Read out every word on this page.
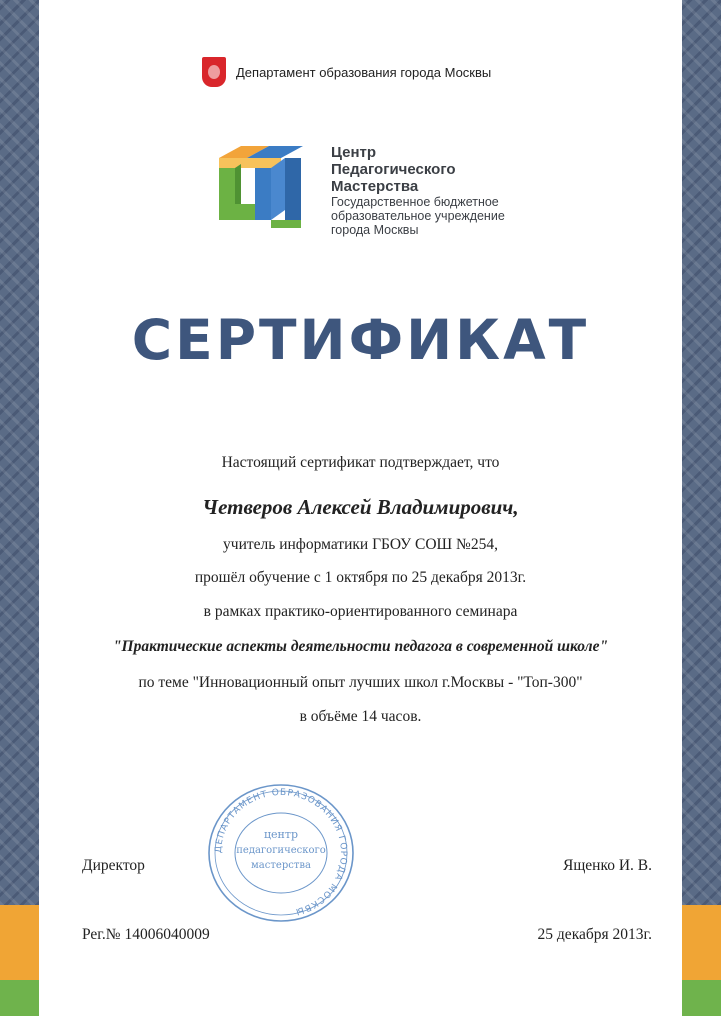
Департамент образования города Москвы
Центр
Педагогического
Мастерства
Государственное бюджетное
образовательное учреждение
города Москвы
СЕРТИФИКАТ
Настоящий сертификат подтверждает, что
Четверов Алексей Владимирович,
учитель информатики ГБОУ СОШ №254,
прошёл обучение с 1 октября по 25 декабря 2013г.
в рамках практико-ориентированного семинара
"Практические аспекты деятельности педагога в современной школе"
по теме "Инновационный опыт лучших школ г.Москвы - "Топ-300"
в объёме 14 часов.
ДЕПАРТАМЕНТ ОБРАЗОВАНИЯ ГОРОДА МОСКВЫ
центр
педагогического
мастерства
Директор	Ященко И. В.
Рег.№ 14006040009	25 декабря 2013г.
